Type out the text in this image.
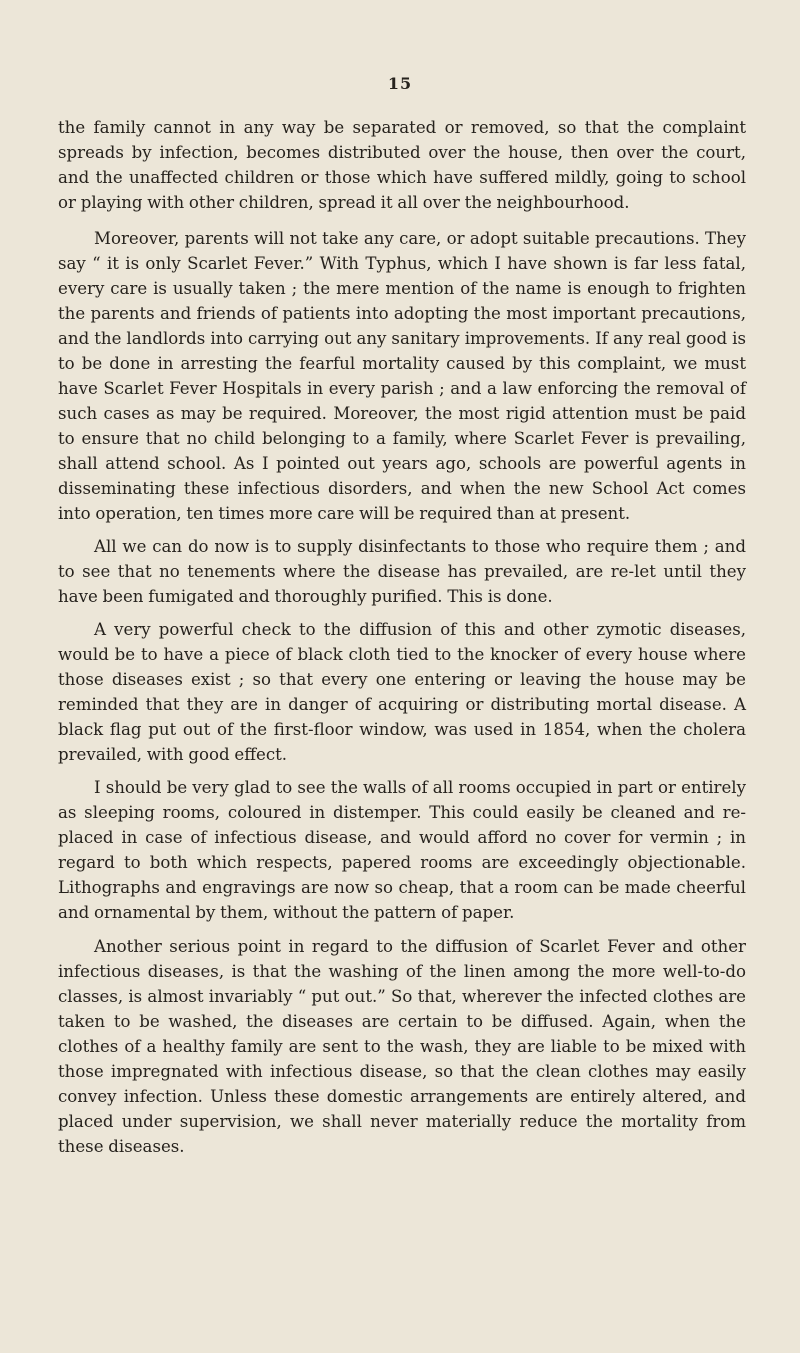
15

the family cannot in any way be separated or removed, so that the complaint spreads by infection, becomes distributed over the house, then over the court, and the unaffected children or those which have suffered mildly, going to school or playing with other children, spread it all over the neighbourhood.

Moreover, parents will not take any care, or adopt suitable precautions. They say “ it is only Scarlet Fever.” With Typhus, which I have shown is far less fatal, every care is usually taken ; the mere mention of the name is enough to frighten the parents and friends of patients into adopting the most important precautions, and the landlords into carrying out any sanitary improvements. If any real good is to be done in arresting the fearful mortality caused by this complaint, we must have Scarlet Fever Hospitals in every parish ; and a law enforcing the removal of such cases as may be required. Moreover, the most rigid attention must be paid to ensure that no child belonging to a family, where Scarlet Fever is prevailing, shall attend school. As I pointed out years ago, schools are powerful agents in disseminating these infectious disorders, and when the new School Act comes into operation, ten times more care will be required than at present.

All we can do now is to supply disinfectants to those who require them ; and to see that no tenements where the disease has prevailed, are re-let until they have been fumigated and thoroughly purified. This is done.

A very powerful check to the diffusion of this and other zymotic diseases, would be to have a piece of black cloth tied to the knocker of every house where those diseases exist ; so that every one entering or leaving the house may be reminded that they are in danger of acquiring or distributing mortal disease. A black flag put out of the first-floor window, was used in 1854, when the cholera prevailed, with good effect.

I should be very glad to see the walls of all rooms occupied in part or entirely as sleeping rooms, coloured in distemper. This could easily be cleaned and re-placed in case of infectious disease, and would afford no cover for vermin ; in regard to both which respects, papered rooms are exceedingly objectionable. Lithographs and engravings are now so cheap, that a room can be made cheerful and ornamental by them, without the pattern of paper.

Another serious point in regard to the diffusion of Scarlet Fever and other infectious diseases, is that the washing of the linen among the more well-to-do classes, is almost invariably “ put out.” So that, wherever the infected clothes are taken to be washed, the diseases are certain to be diffused. Again, when the clothes of a healthy family are sent to the wash, they are liable to be mixed with those impregnated with infectious disease, so that the clean clothes may easily convey infection. Unless these domestic arrangements are entirely altered, and placed under supervision, we shall never materially reduce the mortality from these diseases.
